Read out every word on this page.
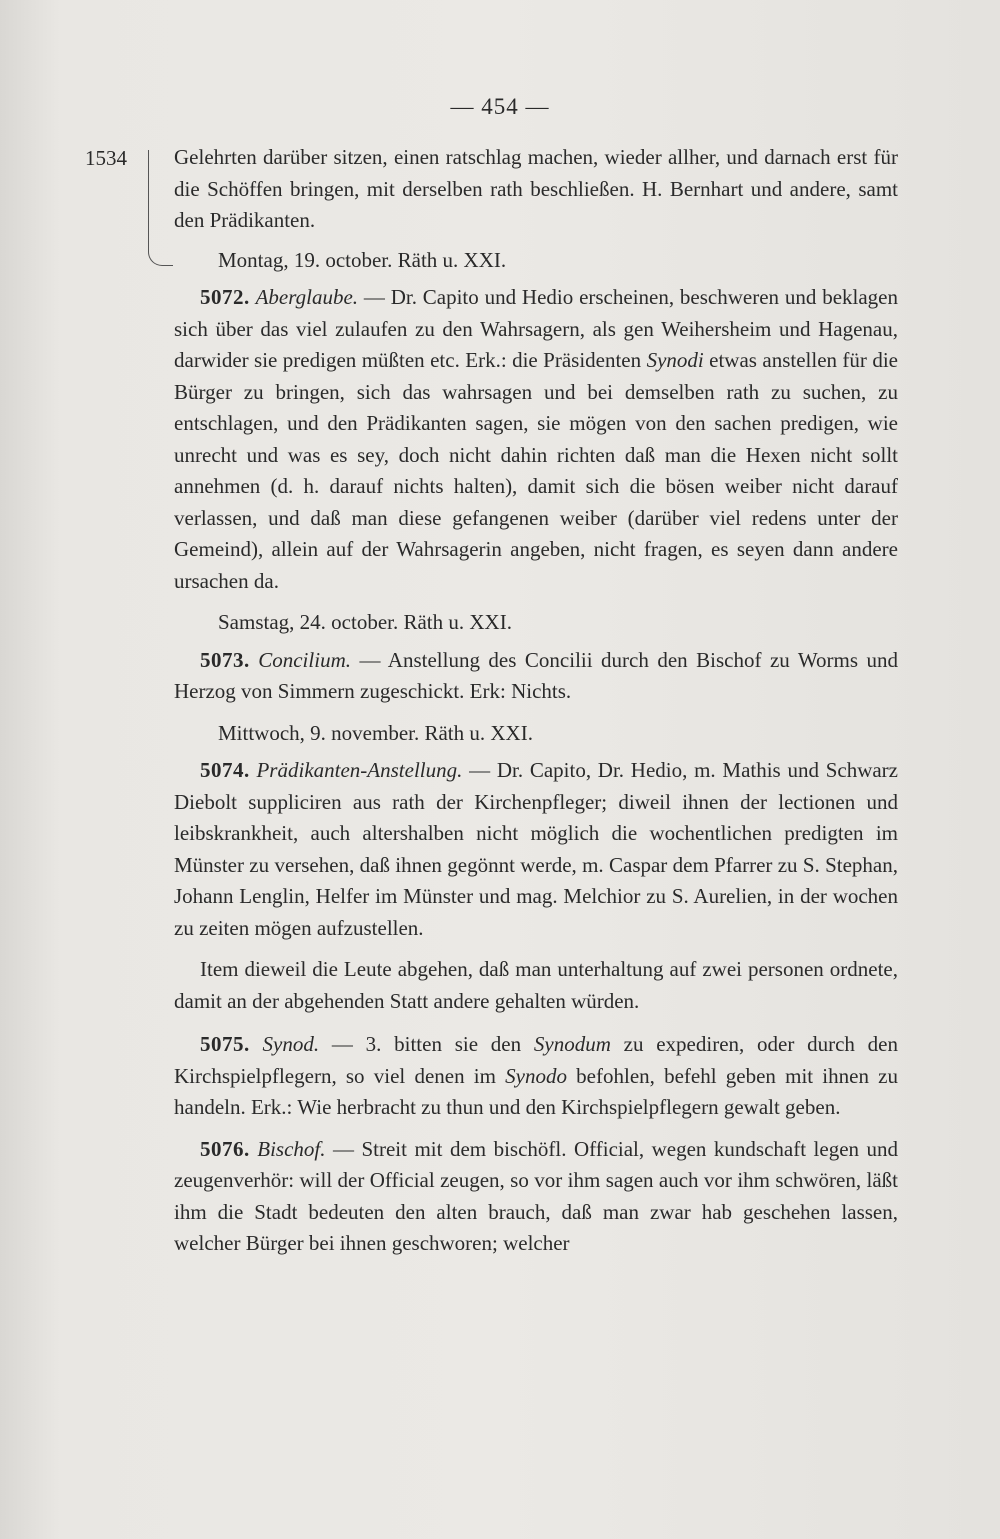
— 454 —
1534 Gelehrten darüber sitzen, einen ratschlag machen, wieder allher, und darnach erst für die Schöffen bringen, mit derselben rath beschließen. H. Bernhart und andere, samt den Prädikanten.

Montag, 19. october. Räth u. XXI.

5072. Aberglaube. — Dr. Capito und Hedio erscheinen, beschweren und beklagen sich über das viel zulaufen zu den Wahrsagern, als gen Weihersheim und Hagenau, darwider sie predigen müßten etc. Erk.: die Präsidenten Synodi etwas anstellen für die Bürger zu bringen, sich das wahrsagen und bei demselben rath zu suchen, zu entschlagen, und den Prädikanten sagen, sie mögen von den sachen predigen, wie unrecht und was es sey, doch nicht dahin richten daß man die Hexen nicht sollt annehmen (d. h. darauf nichts halten), damit sich die bösen weiber nicht darauf verlassen, und daß man diese gefangenen weiber (darüber viel redens unter der Gemeind), allein auf der Wahrsagerin angeben, nicht fragen, es seyen dann andere ursachen da.

Samstag, 24. october. Räth u. XXI.

5073. Concilium. — Anstellung des Concilii durch den Bischof zu Worms und Herzog von Simmern zugeschickt. Erk: Nichts.

Mittwoch, 9. november. Räth u. XXI.

5074. Prädikanten-Anstellung. — Dr. Capito, Dr. Hedio, m. Mathis und Schwarz Diebolt suppliciren aus rath der Kirchenpfleger; diweil ihnen der lectionen und leibskrankheit, auch altershalben nicht möglich die wochentlichen predigten im Münster zu versehen, daß ihnen gegönnt werde, m. Caspar dem Pfarrer zu S. Stephan, Johann Lenglin, Helfer im Münster und mag. Melchior zu S. Aurelien, in der wochen zu zeiten mögen aufzustellen.

Item dieweil die Leute abgehen, daß man unterhaltung auf zwei personen ordnete, damit an der abgehenden Statt andere gehalten würden.

5075. Synod. — 3. bitten sie den Synodum zu expediren, oder durch den Kirchspielpflegern, so viel denen im Synodo befohlen, befehl geben mit ihnen zu handeln. Erk.: Wie herbracht zu thun und den Kirchspielpflegern gewalt geben.

5076. Bischof. — Streit mit dem bischöfl. Official, wegen kundschaft legen und zeugenverhör: will der Official zeugen, so vor ihm sagen auch vor ihm schwören, läßt ihm die Stadt bedeuten den alten brauch, daß man zwar hab geschehen lassen, welcher Bürger bei ihnen geschworen; welcher
